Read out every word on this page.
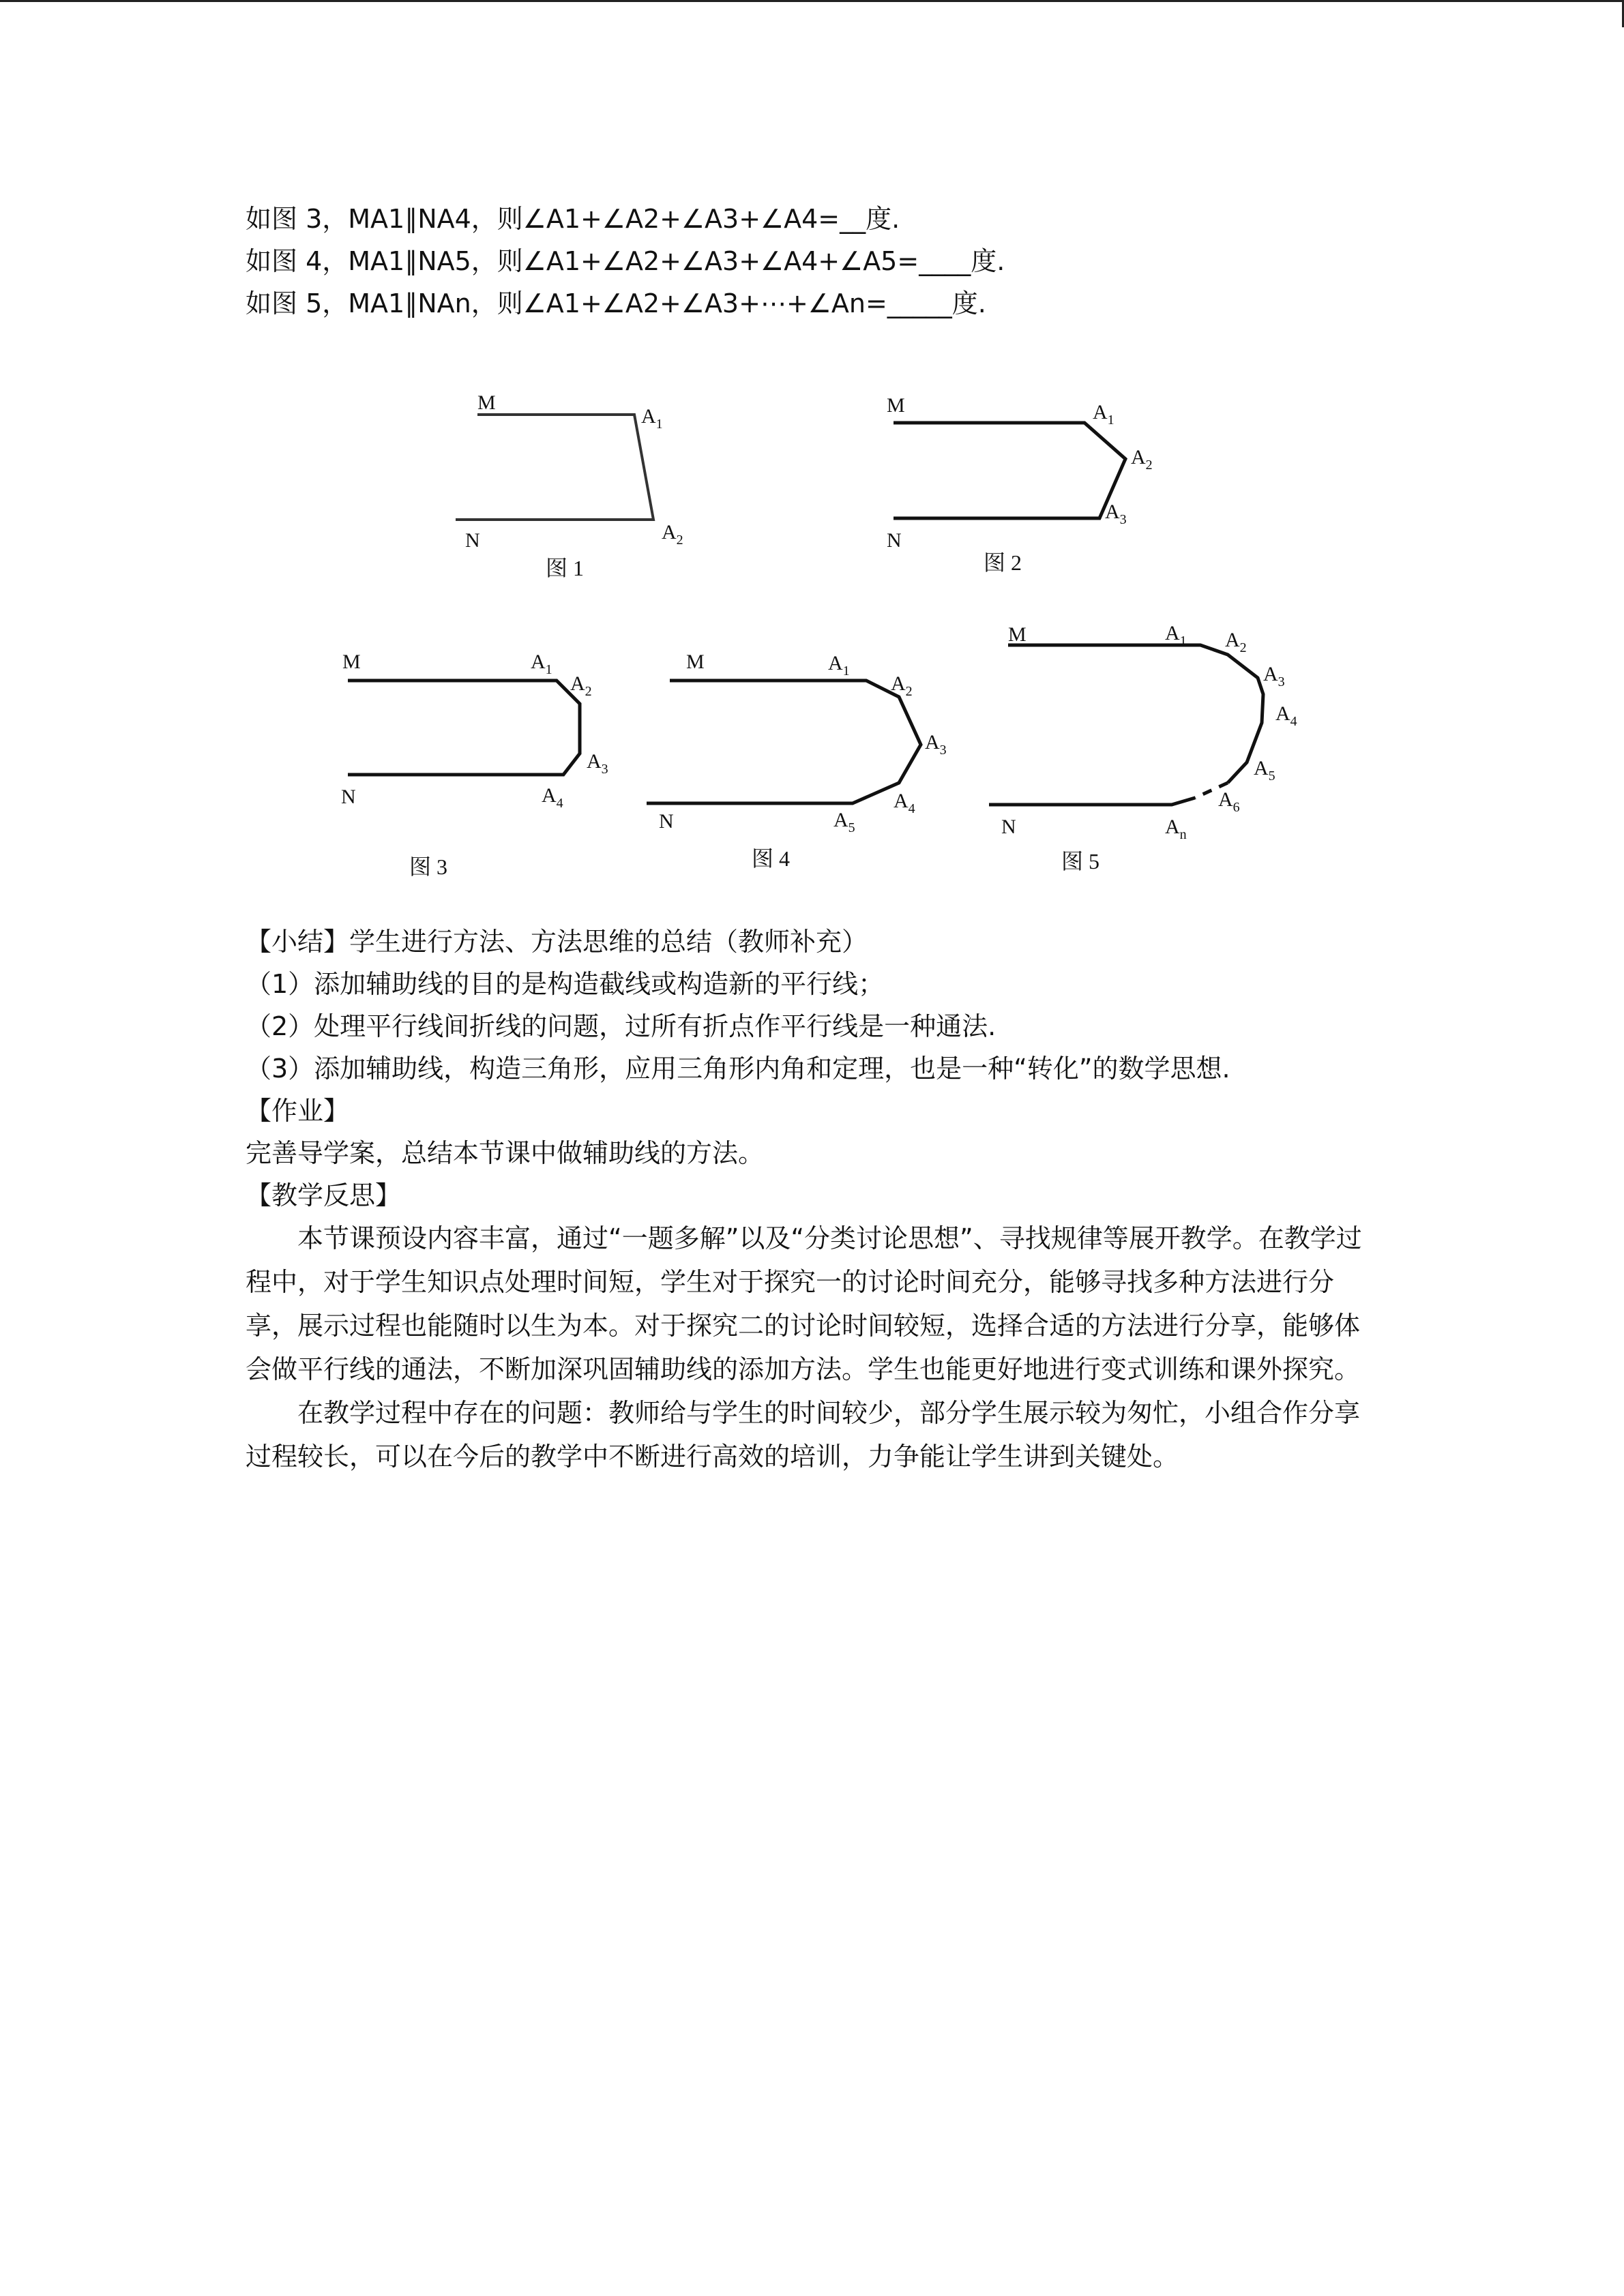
如图 3，MA1∥NA4，则∠A1+∠A2+∠A3+∠A4=__度.
如图 4，MA1∥NA5，则∠A1+∠A2+∠A3+∠A4+∠A5=____度.
如图 5，MA1∥NAn，则∠A1+∠A2+∠A3+⋯+∠An=_____度.
M
$A_1$
N	$A_2$
图 1
M	$A_1$
$A_2$
$A_3$
N
图 2
M	$A_1$
$A_2$
$A_3$
N	$A_4$
图 3
M	$A_1$
$A_2$
$A_3$
$A_4$
N	$A_5$
图 4
M	$A_1$ $A_2$
$A_3$
$A_4$
$A_5$
$A_6$
N	$A_n$
图 5
【小结】学生进行方法、方法思维的总结（教师补充）
（1）添加辅助线的目的是构造截线或构造新的平行线；
（2）处理平行线间折线的问题，过所有折点作平行线是一种通法.
（3）添加辅助线，构造三角形，应用三角形内角和定理，也是一种“转化”的数学思想.
【作业】
完善导学案，总结本节课中做辅助线的方法。
【教学反思】
本节课预设内容丰富，通过“一题多解”以及“分类讨论思想”、寻找规律等展开教学。在教学过程中，对于学生知识点处理时间短，学生对于探究一的讨论时间充分，能够寻找多种方法进行分享，展示过程也能随时以生为本。对于探究二的讨论时间较短，选择合适的方法进行分享，能够体会做平行线的通法，不断加深巩固辅助线的添加方法。学生也能更好地进行变式训练和课外探究。
在教学过程中存在的问题：教师给与学生的时间较少，部分学生展示较为匆忙，小组合作分享过程较长，可以在今后的教学中不断进行高效的培训，力争能让学生讲到关键处。
